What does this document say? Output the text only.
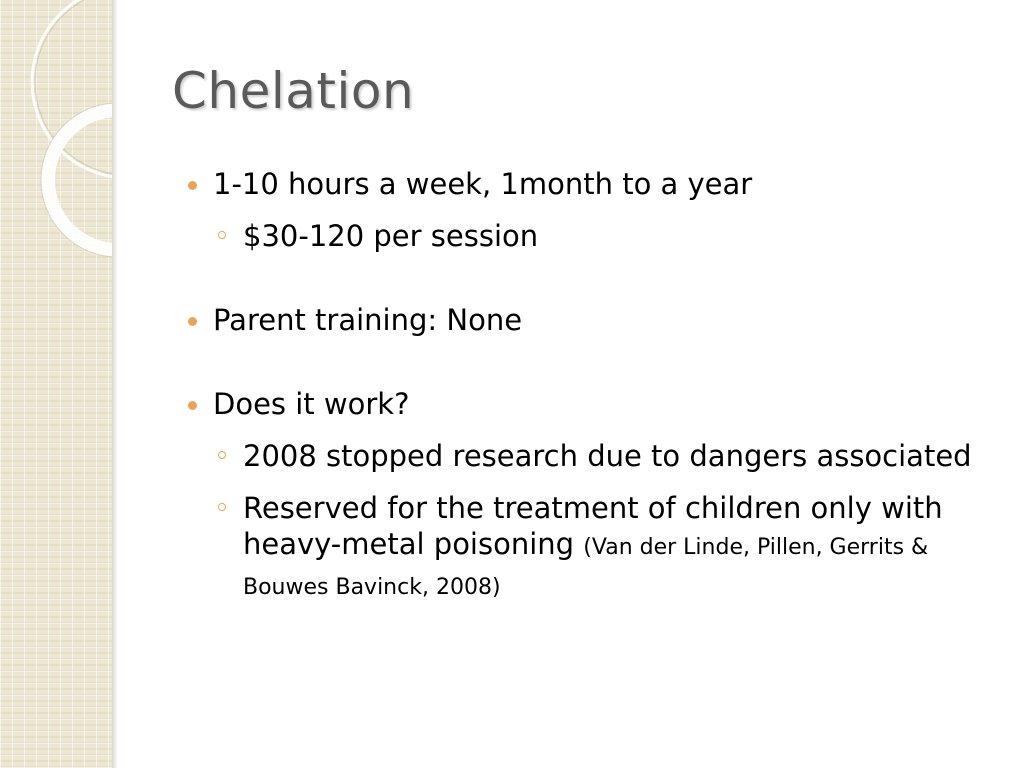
Chelation
1-10 hours a week, 1month to a year
$30-120 per session
Parent training: None
Does it work?
2008 stopped research due to dangers associated
Reserved for the treatment of children only with heavy-metal poisoning (Van der Linde, Pillen, Gerrits & Bouwes Bavinck, 2008)
